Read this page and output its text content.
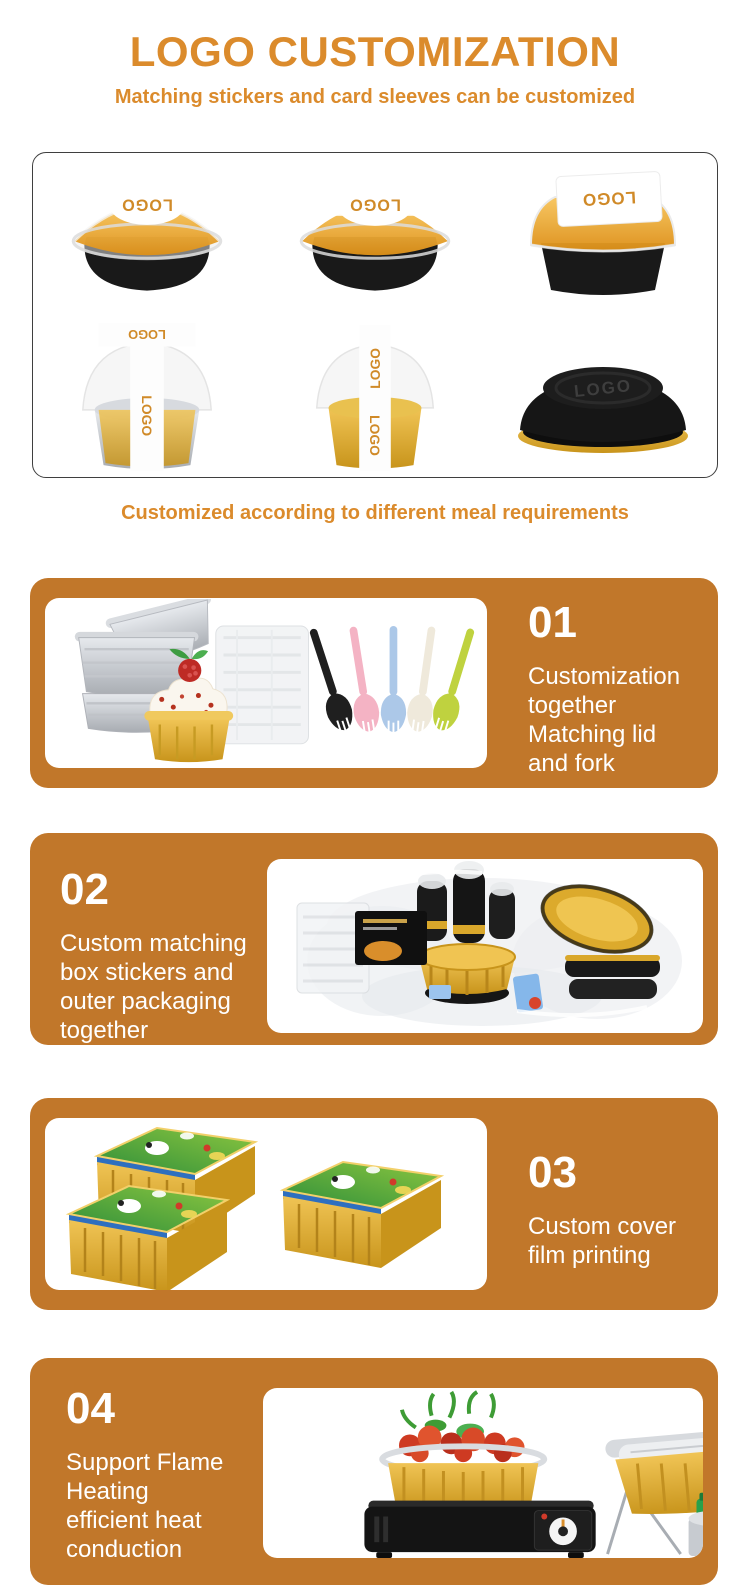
LOGO CUSTOMIZATION
Matching stickers and card sleeves can be customized
LOGO	LOGO	LOGO
LOGO
LOGO
LOGO
LOGO
LOGO
Customized according to different meal requirements
01
Customization
together
Matching lid
and fork
02
Custom matching
box stickers and
outer packaging
together
03
Custom cover
film printing
04
Support Flame
Heating
efficient heat
conduction
